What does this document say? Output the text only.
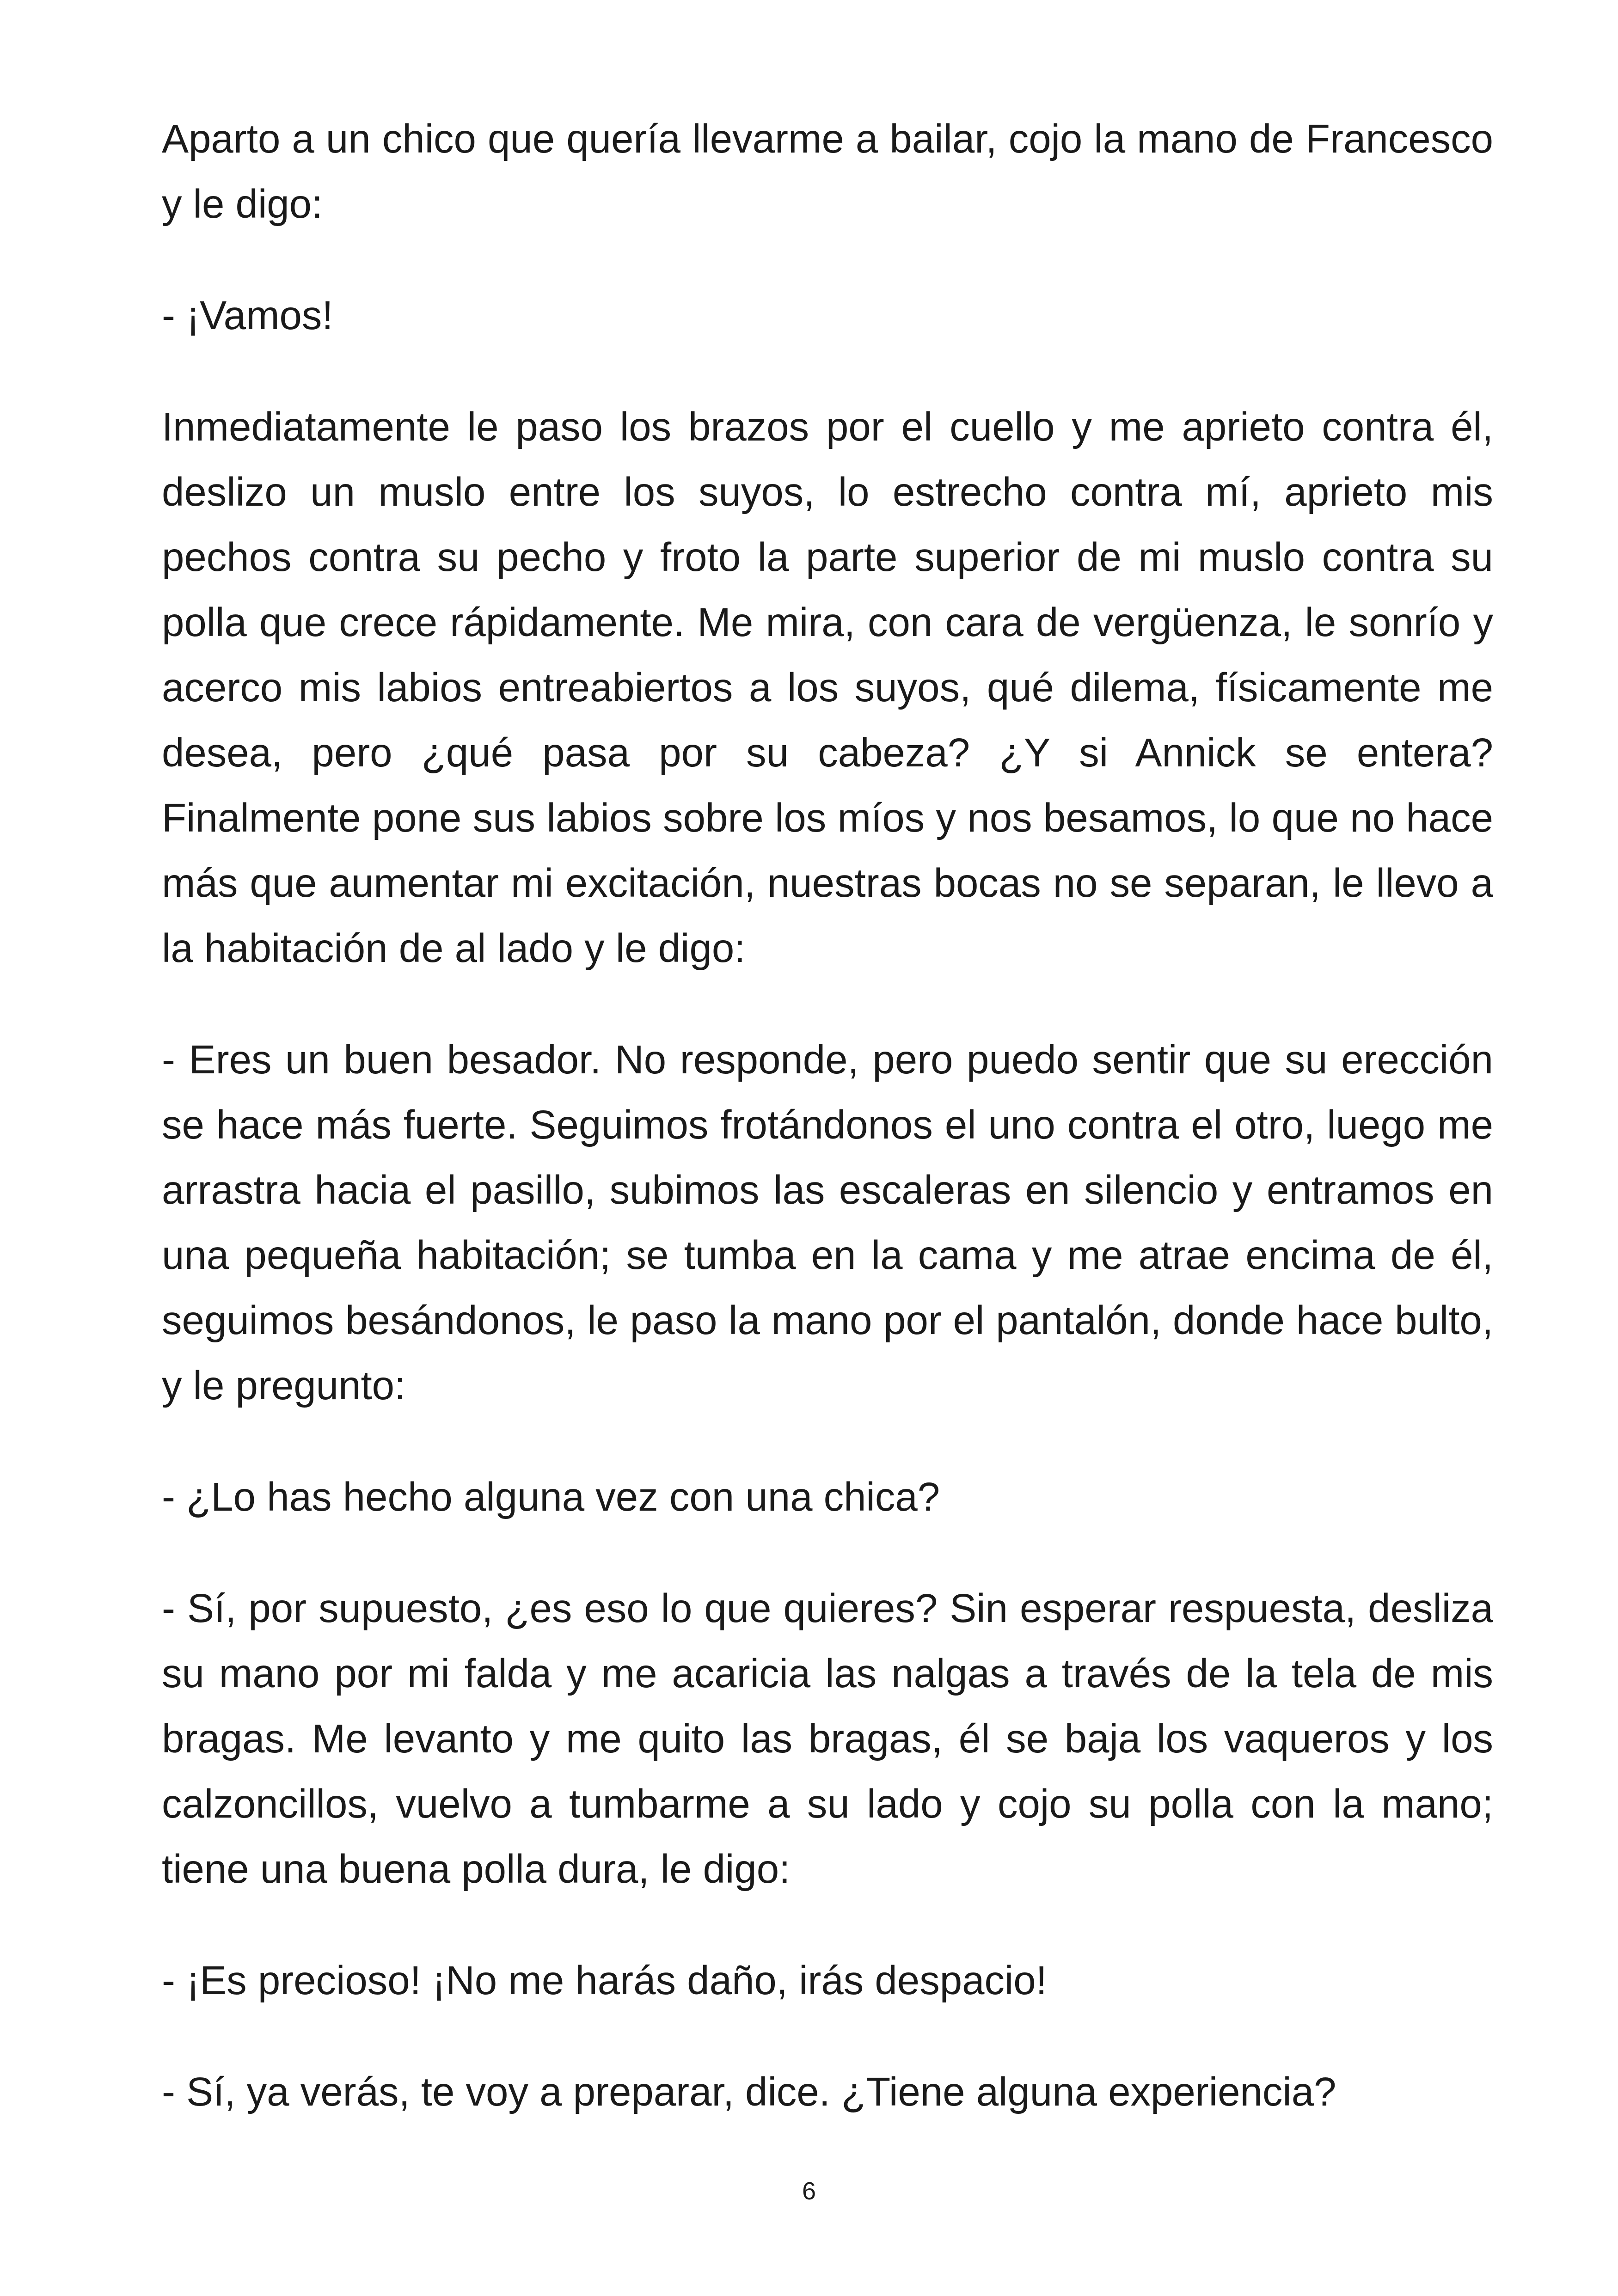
Aparto a un chico que quería llevarme a bailar, cojo la mano de Francesco y le digo:

- ¡Vamos!

Inmediatamente le paso los brazos por el cuello y me aprieto contra él, deslizo un muslo entre los suyos, lo estrecho contra mí, aprieto mis pechos contra su pecho y froto la parte superior de mi muslo contra su polla que crece rápidamente. Me mira, con cara de vergüenza, le sonrío y acerco mis labios entreabiertos a los suyos, qué dilema, físicamente me desea, pero ¿qué pasa por su cabeza? ¿Y si Annick se entera? Finalmente pone sus labios sobre los míos y nos besamos, lo que no hace más que aumentar mi excitación, nuestras bocas no se separan, le llevo a la habitación de al lado y le digo:

- Eres un buen besador. No responde, pero puedo sentir que su erección se hace más fuerte. Seguimos frotándonos el uno contra el otro, luego me arrastra hacia el pasillo, subimos las escaleras en silencio y entramos en una pequeña habitación; se tumba en la cama y me atrae encima de él, seguimos besándonos, le paso la mano por el pantalón, donde hace bulto, y le pregunto:

- ¿Lo has hecho alguna vez con una chica?

- Sí, por supuesto, ¿es eso lo que quieres? Sin esperar respuesta, desliza su mano por mi falda y me acaricia las nalgas a través de la tela de mis bragas. Me levanto y me quito las bragas, él se baja los vaqueros y los calzoncillos, vuelvo a tumbarme a su lado y cojo su polla con la mano; tiene una buena polla dura, le digo:

- ¡Es precioso! ¡No me harás daño, irás despacio!

- Sí, ya verás, te voy a preparar, dice. ¿Tiene alguna experiencia?

6
